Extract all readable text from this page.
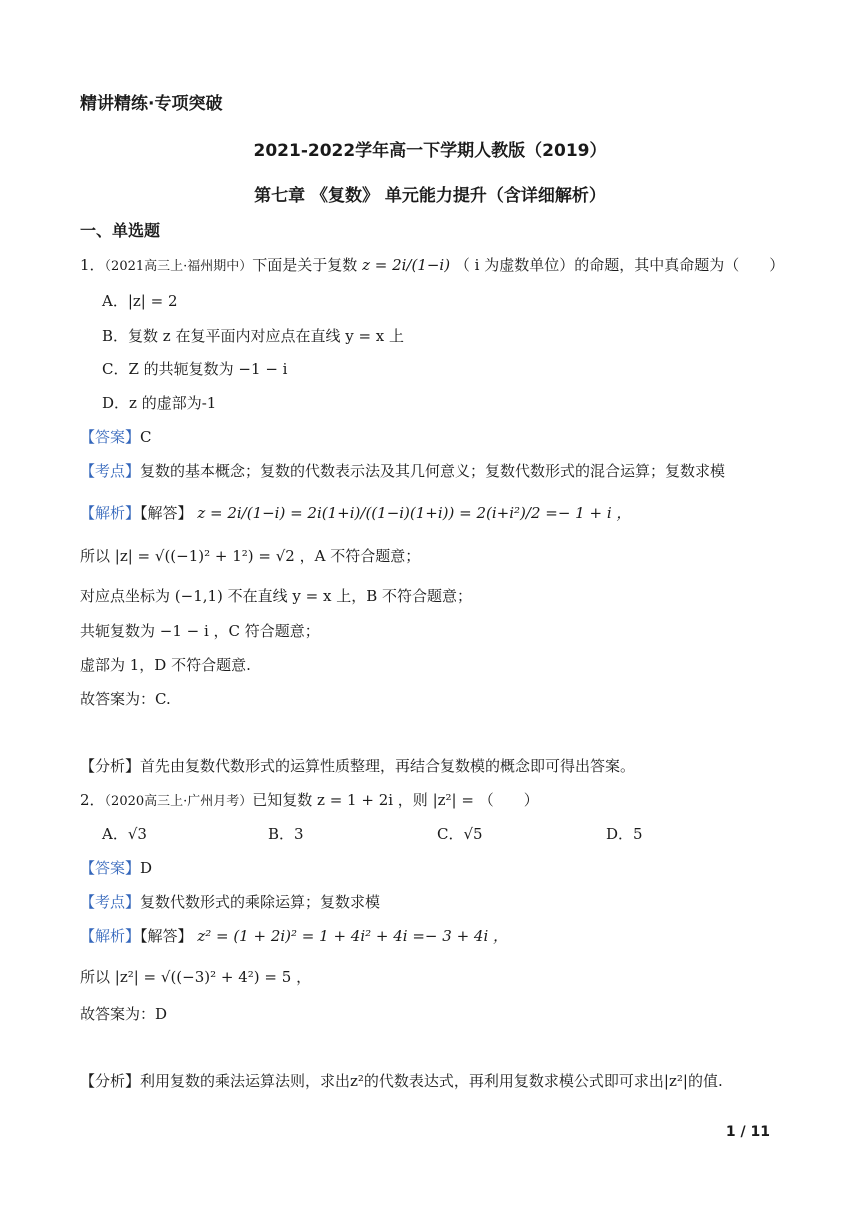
精讲精练·专项突破
2021-2022学年高一下学期人教版（2019）
第七章 《复数》 单元能力提升（含详细解析）
一、单选题
1．（2021高三上·福州期中）下面是关于复数 z = 2i/(1−i) （ i 为虚数单位）的命题，其中真命题为（　　）
A．|z| = 2
B．复数 z 在复平面内对应点在直线 y = x 上
C．Z 的共轭复数为 −1 − i
D．z 的虚部为-1
【答案】C
【考点】复数的基本概念；复数的代数表示法及其几何意义；复数代数形式的混合运算；复数求模
【解析】【解答】 z = 2i/(1−i) = 2i(1+i)/((1−i)(1+i)) = 2(i+i²)/2 =− 1 + i ，
所以 |z| = √((−1)² + 1²) = √2 ，A 不符合题意；
对应点坐标为 (−1,1) 不在直线 y = x 上，B 不符合题意；
共轭复数为 −1 − i ，C 符合题意；
虚部为 1，D 不符合题意.
故答案为：C.
【分析】首先由复数代数形式的运算性质整理，再结合复数模的概念即可得出答案。
2．（2020高三上·广州月考）已知复数 z = 1 + 2i ，则 |z²| = （　　）
A．√3	B．3	C．√5	D．5
【答案】D
【考点】复数代数形式的乘除运算；复数求模
【解析】【解答】 z² = (1 + 2i)² = 1 + 4i² + 4i =− 3 + 4i ，
所以 |z²| = √((−3)² + 4²) = 5 ，
故答案为：D
【分析】利用复数的乘法运算法则，求出z²的代数表达式，再利用复数求模公式即可求出|z²|的值.
1 / 11
